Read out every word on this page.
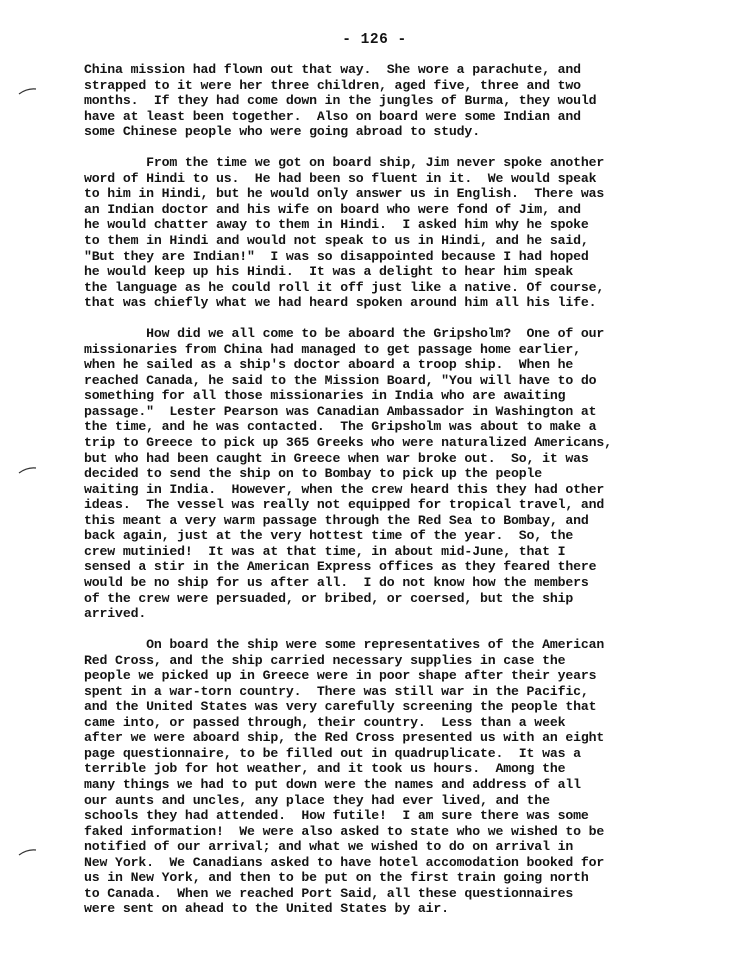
- 126 -

China mission had flown out that way.  She wore a parachute, and
strapped to it were her three children, aged five, three and two
months.  If they had come down in the jungles of Burma, they would
have at least been together.  Also on board were some Indian and
some Chinese people who were going abroad to study.

From the time we got on board ship, Jim never spoke another
word of Hindi to us.  He had been so fluent in it.  We would speak
to him in Hindi, but he would only answer us in English.  There was
an Indian doctor and his wife on board who were fond of Jim, and
he would chatter away to them in Hindi.  I asked him why he spoke
to them in Hindi and would not speak to us in Hindi, and he said,
"But they are Indian!"  I was so disappointed because I had hoped
he would keep up his Hindi.  It was a delight to hear him speak
the language as he could roll it off just like a native. Of course,
that was chiefly what we had heard spoken around him all his life.

How did we all come to be aboard the Gripsholm?  One of our
missionaries from China had managed to get passage home earlier,
when he sailed as a ship's doctor aboard a troop ship.  When he
reached Canada, he said to the Mission Board, "You will have to do
something for all those missionaries in India who are awaiting
passage."  Lester Pearson was Canadian Ambassador in Washington at
the time, and he was contacted.  The Gripsholm was about to make a
trip to Greece to pick up 365 Greeks who were naturalized Americans,
but who had been caught in Greece when war broke out.  So, it was
decided to send the ship on to Bombay to pick up the people
waiting in India.  However, when the crew heard this they had other
ideas.  The vessel was really not equipped for tropical travel, and
this meant a very warm passage through the Red Sea to Bombay, and
back again, just at the very hottest time of the year.  So, the
crew mutinied!  It was at that time, in about mid-June, that I
sensed a stir in the American Express offices as they feared there
would be no ship for us after all.  I do not know how the members
of the crew were persuaded, or bribed, or coersed, but the ship
arrived.

On board the ship were some representatives of the American
Red Cross, and the ship carried necessary supplies in case the
people we picked up in Greece were in poor shape after their years
spent in a war-torn country.  There was still war in the Pacific,
and the United States was very carefully screening the people that
came into, or passed through, their country.  Less than a week
after we were aboard ship, the Red Cross presented us with an eight
page questionnaire, to be filled out in quadruplicate.  It was a
terrible job for hot weather, and it took us hours.  Among the
many things we had to put down were the names and address of all
our aunts and uncles, any place they had ever lived, and the
schools they had attended.  How futile!  I am sure there was some
faked information!  We were also asked to state who we wished to be
notified of our arrival; and what we wished to do on arrival in
New York.  We Canadians asked to have hotel accomodation booked for
us in New York, and then to be put on the first train going north
to Canada.  When we reached Port Said, all these questionnaires
were sent on ahead to the United States by air.
